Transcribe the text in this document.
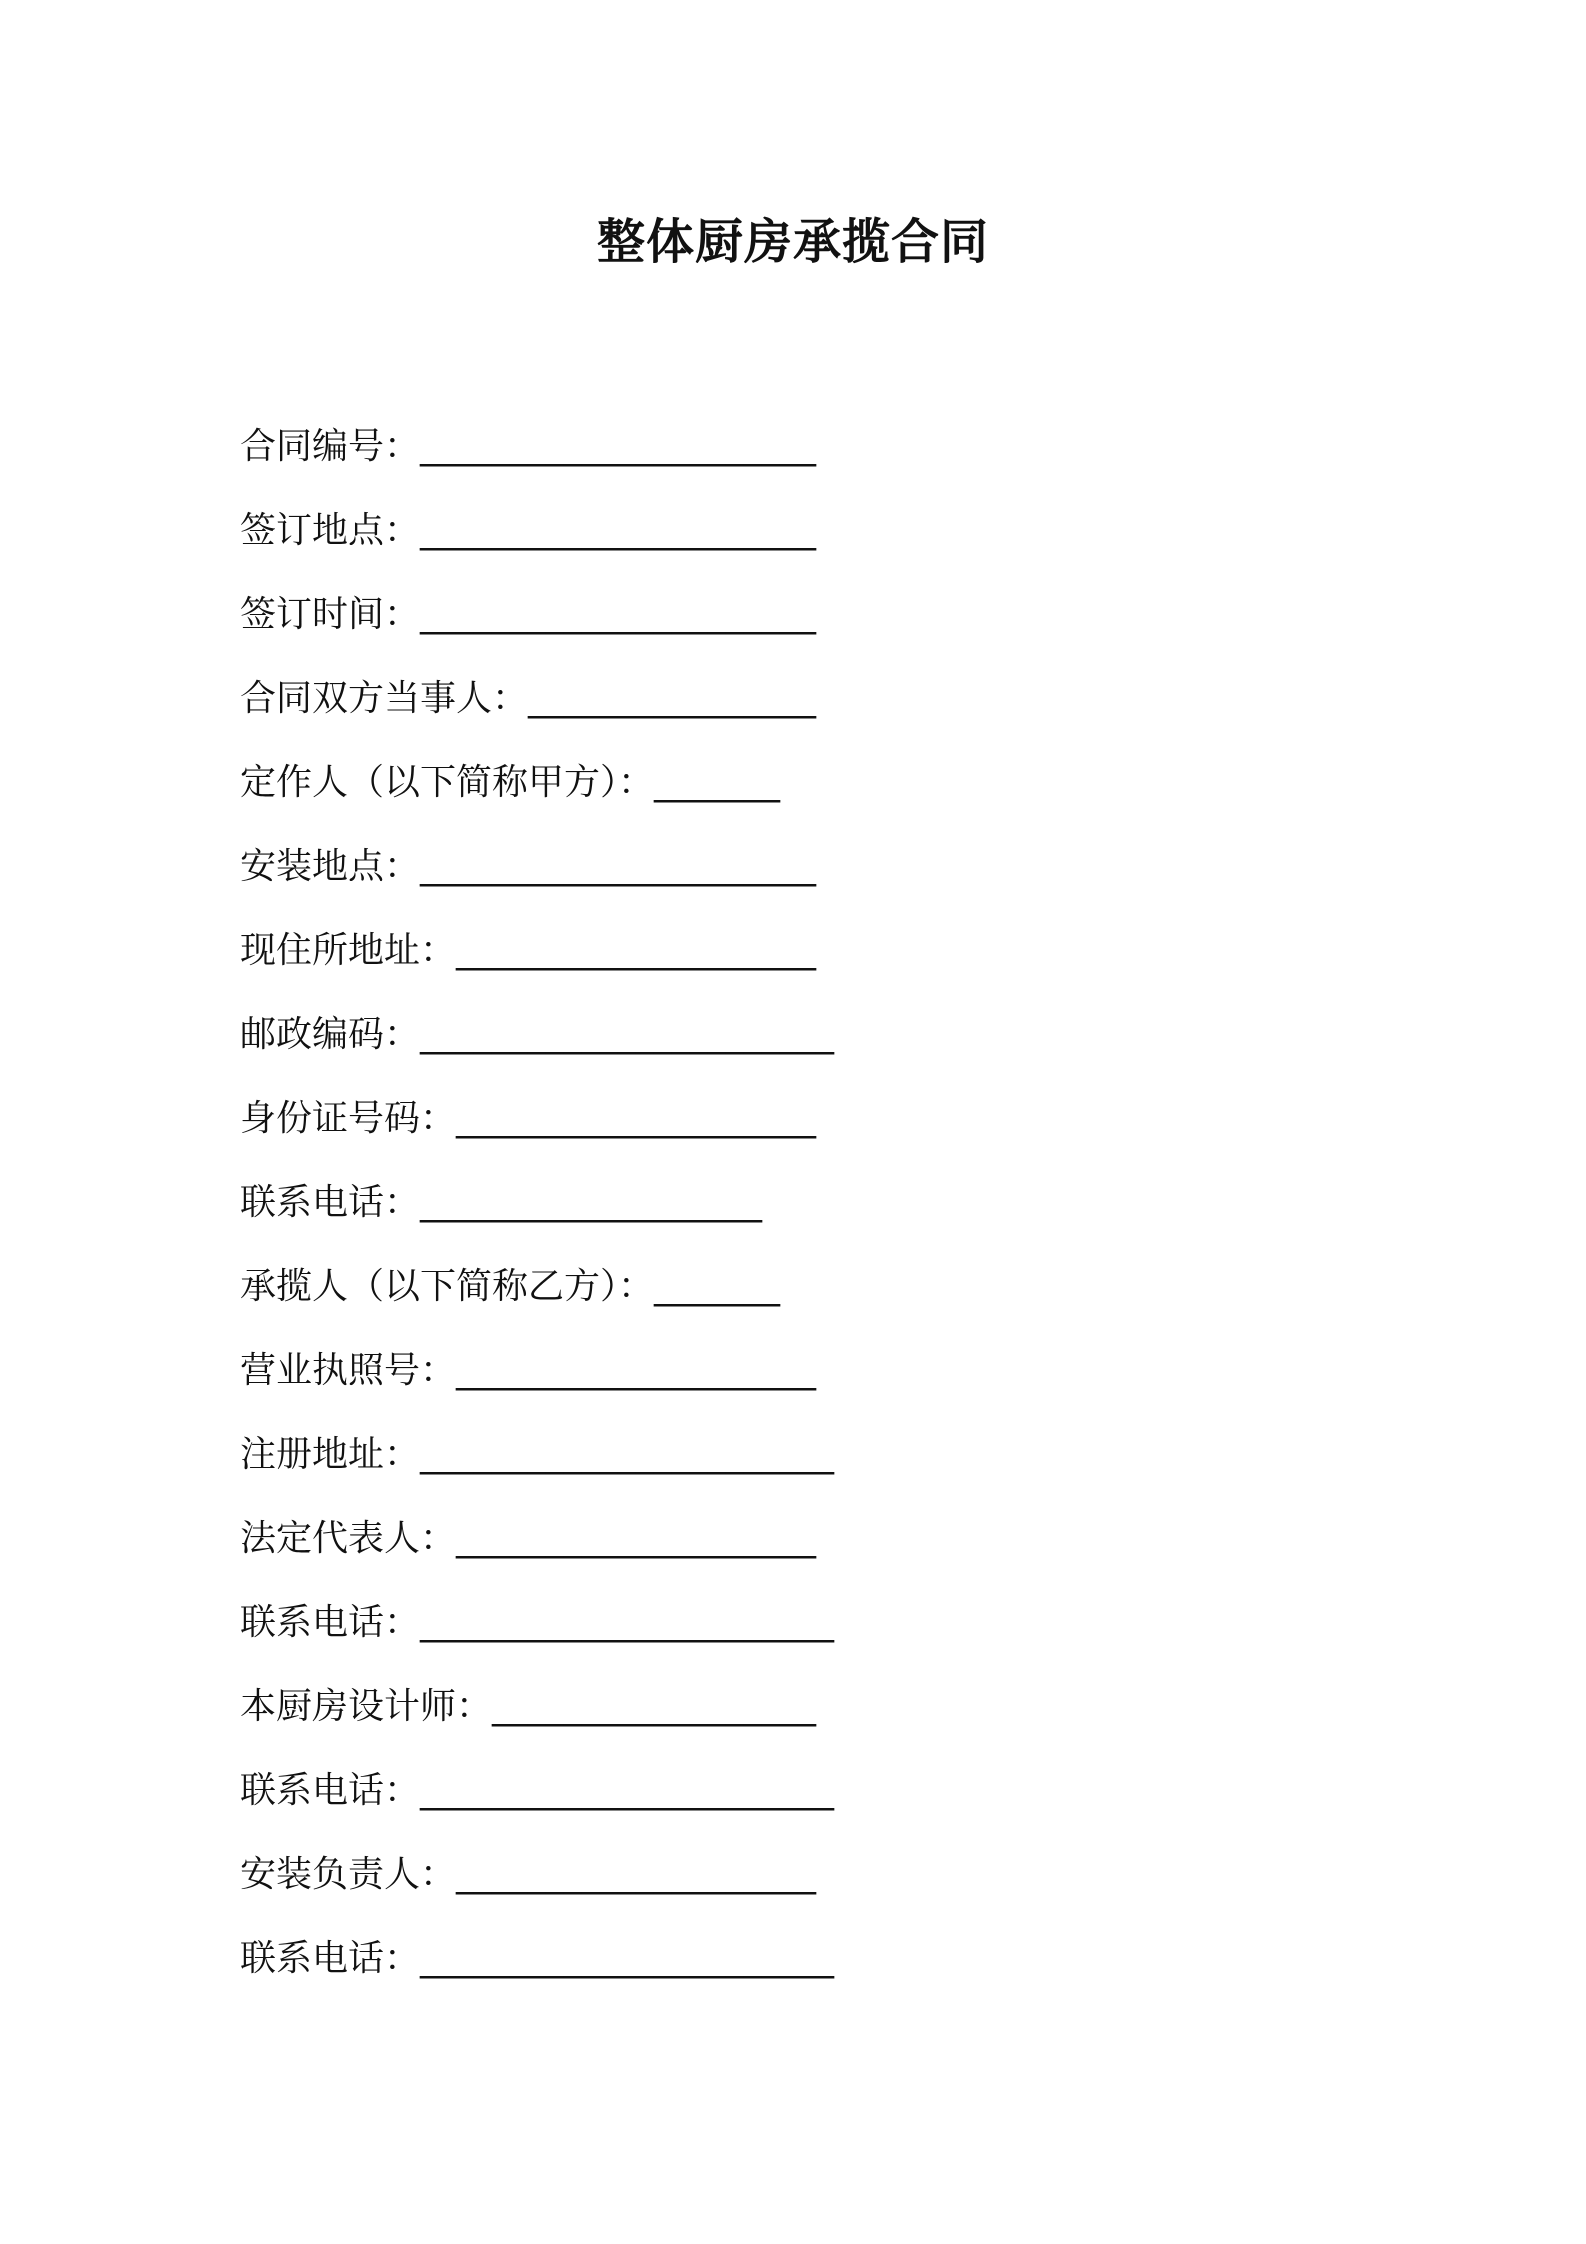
整体厨房承揽合同
合同编号： ______________________
签订地点： ______________________
签订时间： ______________________
合同双方当事人： ________________
定作人（以下简称甲方）： _______
安装地点： ______________________
现住所地址： ____________________
邮政编码： _______________________
身份证号码： ____________________
联系电话： ___________________
承揽人（以下简称乙方）： _______
营业执照号： ____________________
注册地址： _______________________
法定代表人： ____________________
联系电话： _______________________
本厨房设计师： __________________
联系电话： _______________________
安装负责人： ____________________
联系电话： _______________________
